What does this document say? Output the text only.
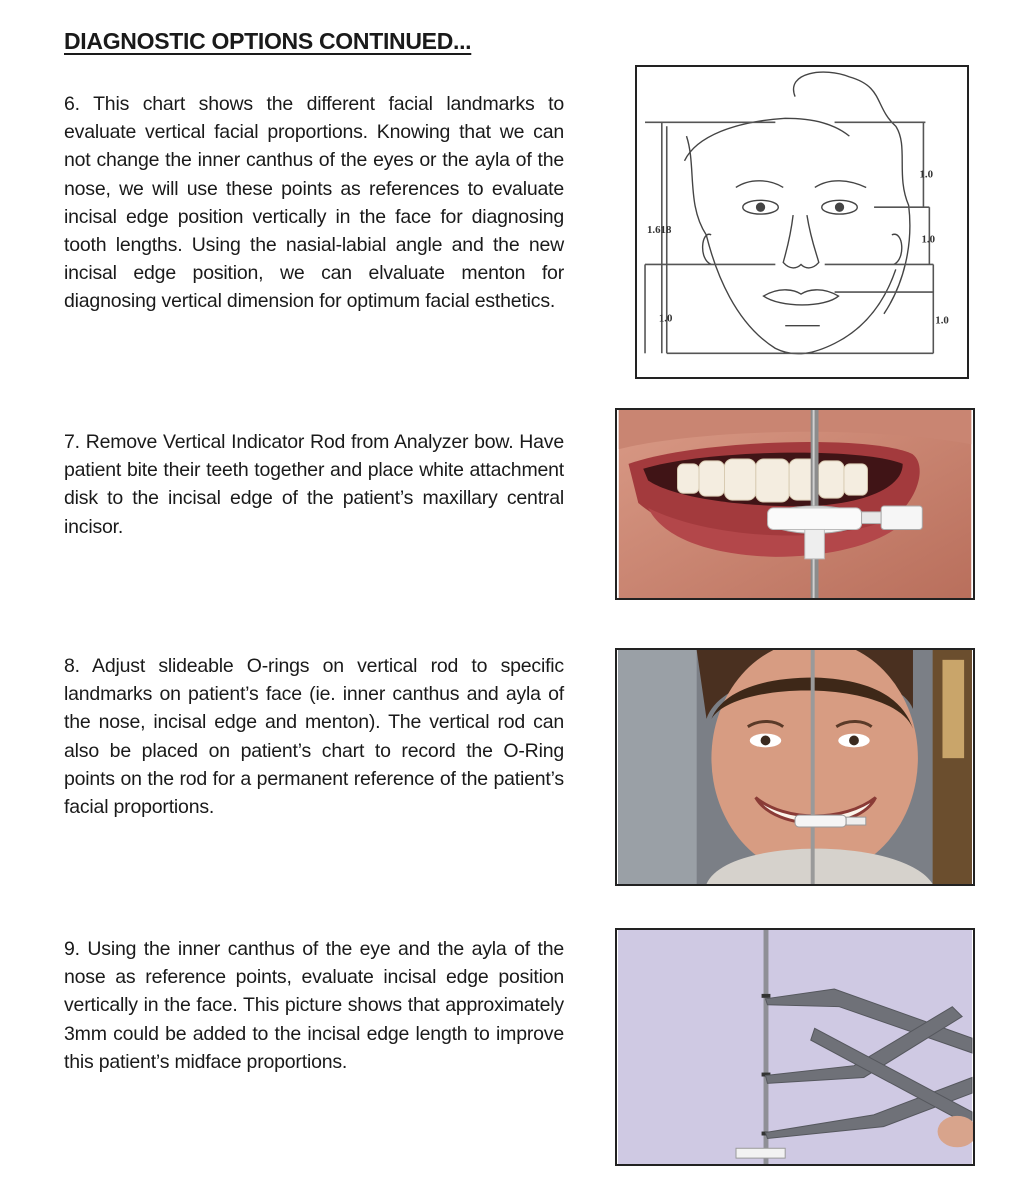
DIAGNOSTIC OPTIONS CONTINUED...

6. This chart shows the different facial landmarks to evaluate vertical facial proportions. Knowing that we can not change the inner canthus of the eyes or the ayla of the nose, we will use these points as references to evaluate incisal edge position vertically in the face for diagnosing tooth lengths. Using the nasial-labial angle and the new incisal edge position, we can elvaluate menton for diagnosing vertical dimension for optimum facial esthetics.

7. Remove Vertical Indicator Rod from Analyzer bow. Have patient bite their teeth together and place white attachment disk to the incisal edge of the patient’s maxillary central incisor.

8. Adjust slideable O-rings on vertical rod to specific landmarks on patient’s face (ie. inner canthus and ayla of the nose, incisal edge and menton). The vertical rod can also be placed on patient’s chart to record the O-Ring points on the rod for a permanent reference of the patient’s facial proportions.

9. Using the inner canthus of the eye and the ayla of the nose as reference points, evaluate incisal edge position vertically in the face. This picture shows that approximately 3mm could be added to the incisal edge length to improve this patient’s midface proportions.

1.618
1.0
1.0
1.0
1.0
